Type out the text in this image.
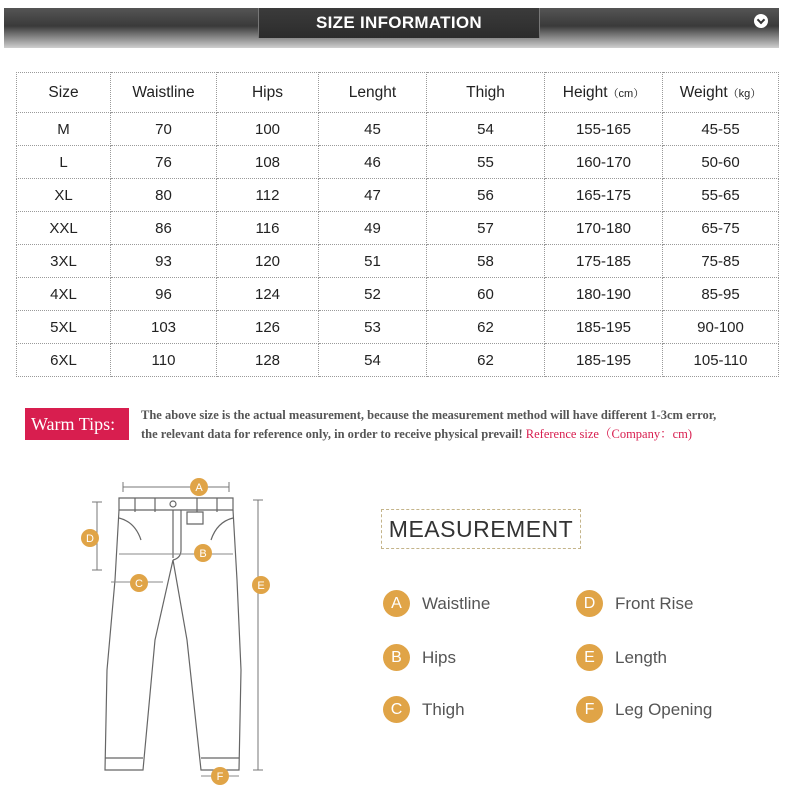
SIZE INFORMATION
Size	Waistline	Hips	Lenght	Thigh	Height（cm）	Weight（kg）
M	70	100	45	54	155-165	45-55
L	76	108	46	55	160-170	50-60
XL	80	112	47	56	165-175	55-65
XXL	86	116	49	57	170-180	65-75
3XL	93	120	51	58	175-185	75-85
4XL	96	124	52	60	180-190	85-95
5XL	103	126	53	62	185-195	90-100
6XL	110	128	54	62	185-195	105-110
Warm Tips:	The above size is the actual measurement, because the measurement method will have different 1-3cm error,
the relevant data for reference only, in order to receive physical prevail! Reference size（Company：cm)
A
B
C
D
E
F
MEASUREMENT
A	Waistline
B	Hips
C	Thigh
D	Front Rise
E	Length
F	Leg Opening
